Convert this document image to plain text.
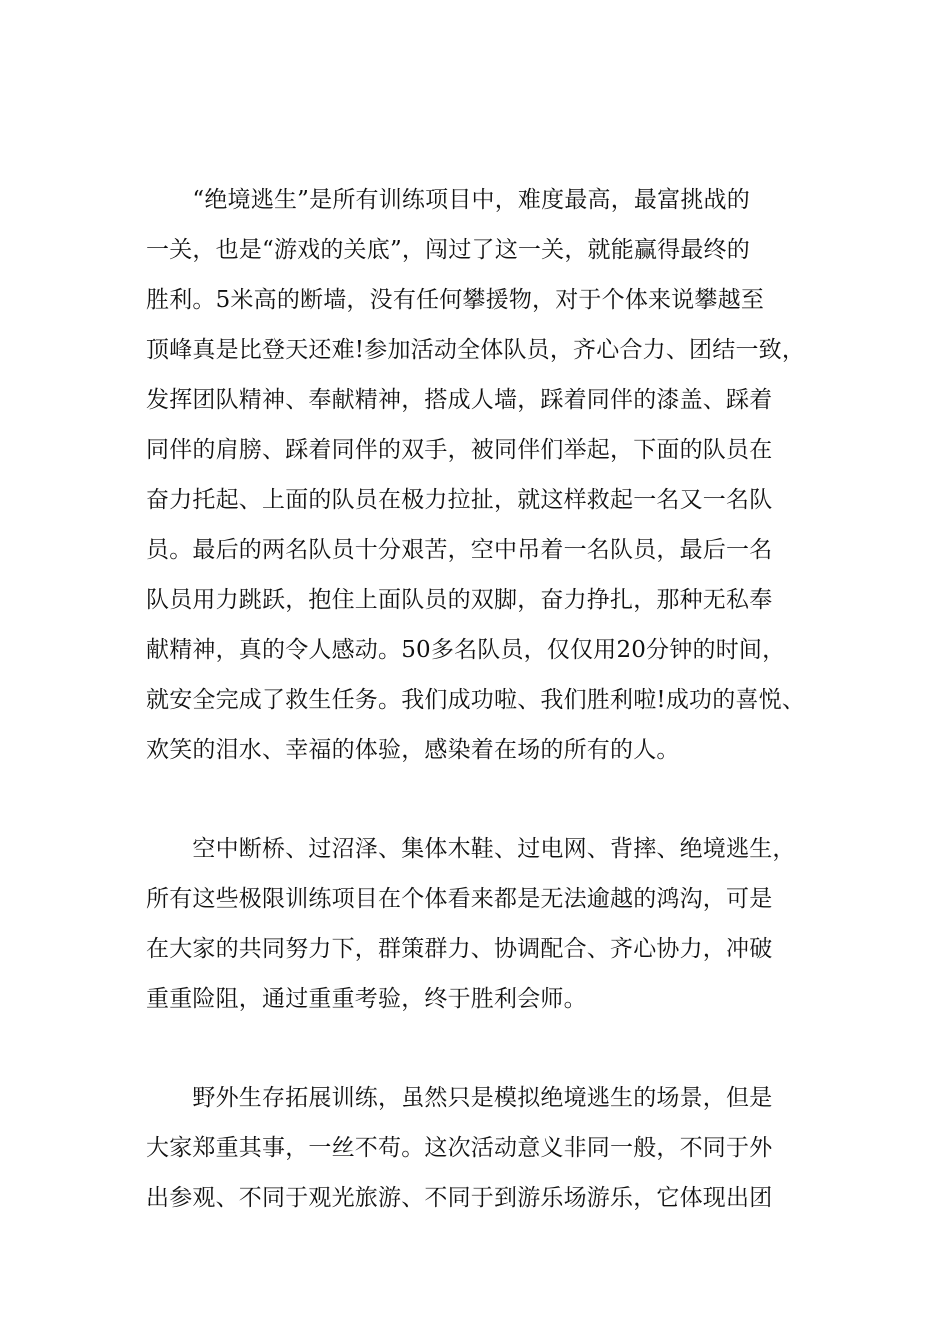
　　“绝境逃生”是所有训练项目中，难度最高，最富挑战的
一关，也是“游戏的关底”，闯过了这一关，就能赢得最终的
胜利。5米高的断墙，没有任何攀援物，对于个体来说攀越至
顶峰真是比登天还难!参加活动全体队员，齐心合力、团结一致，
发挥团队精神、奉献精神，搭成人墙，踩着同伴的漆盖、踩着
同伴的肩膀、踩着同伴的双手，被同伴们举起，下面的队员在
奋力托起、上面的队员在极力拉扯，就这样救起一名又一名队
员。最后的两名队员十分艰苦，空中吊着一名队员，最后一名
队员用力跳跃，抱住上面队员的双脚，奋力挣扎，那种无私奉
献精神，真的令人感动。50多名队员，仅仅用20分钟的时间，
就安全完成了救生任务。我们成功啦、我们胜利啦!成功的喜悦、
欢笑的泪水、幸福的体验，感染着在场的所有的人。
　　空中断桥、过沼泽、集体木鞋、过电网、背摔、绝境逃生，
所有这些极限训练项目在个体看来都是无法逾越的鸿沟，可是
在大家的共同努力下，群策群力、协调配合、齐心协力，冲破
重重险阻，通过重重考验，终于胜利会师。
　　野外生存拓展训练，虽然只是模拟绝境逃生的场景，但是
大家郑重其事，一丝不苟。这次活动意义非同一般，不同于外
出参观、不同于观光旅游、不同于到游乐场游乐，它体现出团
